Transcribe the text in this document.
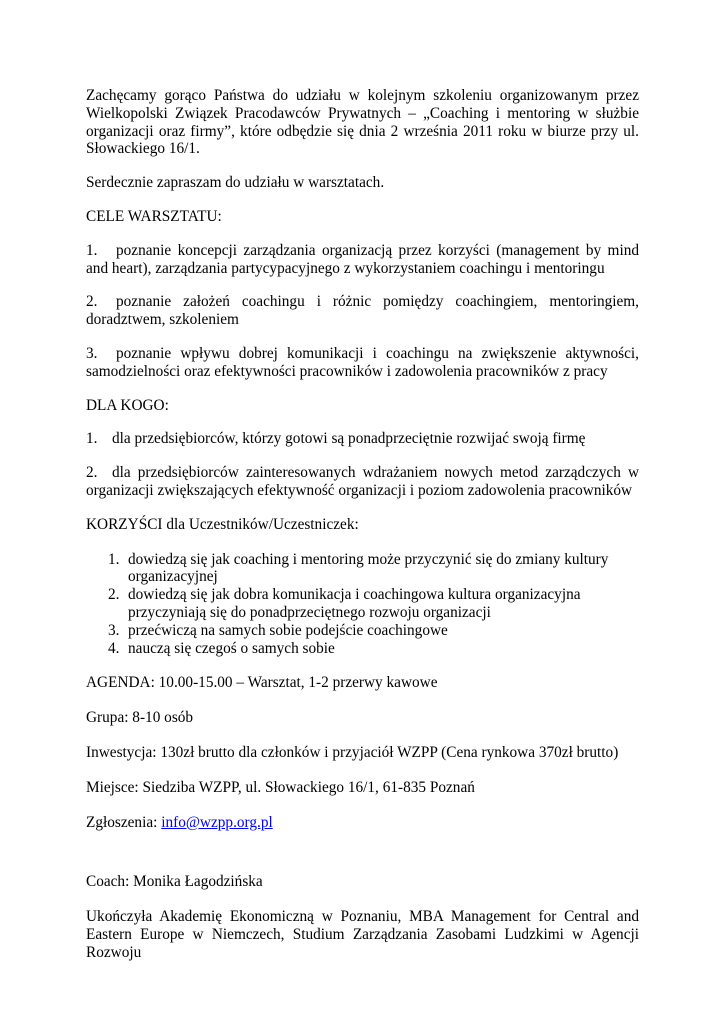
Zachęcamy gorąco Państwa do udziału w kolejnym szkoleniu organizowanym przez Wielkopolski Związek Pracodawców Prywatnych – „Coaching i mentoring w służbie organizacji oraz firmy”, które odbędzie się dnia 2 września 2011 roku w biurze przy ul. Słowackiego 16/1.

Serdecznie zapraszam do udziału w warsztatach.

CELE WARSZTATU:

1. poznanie koncepcji zarządzania organizacją przez korzyści (management by mind and heart), zarządzania partycypacyjnego z wykorzystaniem coachingu i mentoringu

2. poznanie założeń coachingu i różnic pomiędzy coachingiem, mentoringiem, doradztwem, szkoleniem

3. poznanie wpływu dobrej komunikacji i coachingu na zwiększenie aktywności, samodzielności oraz efektywności pracowników i zadowolenia pracowników z pracy

DLA KOGO:

1. dla przedsiębiorców, którzy gotowi są ponadprzeciętnie rozwijać swoją firmę

2. dla przedsiębiorców zainteresowanych wdrażaniem nowych metod zarządczych w organizacji zwiększających efektywność organizacji i poziom zadowolenia pracowników

KORZYŚCI dla Uczestników/Uczestniczek:

1. dowiedzą się jak coaching i mentoring może przyczynić się do zmiany kultury organizacyjnej
2. dowiedzą się jak dobra komunikacja i coachingowa kultura organizacyjna przyczyniają się do ponadprzeciętnego rozwoju organizacji
3. przećwiczą na samych sobie podejście coachingowe
4. nauczą się czegoś o samych sobie

AGENDA: 10.00-15.00 – Warsztat, 1-2 przerwy kawowe

Grupa: 8-10 osób

Inwestycja: 130zł brutto dla członków i przyjaciół WZPP (Cena rynkowa 370zł brutto)

Miejsce: Siedziba WZPP, ul. Słowackiego 16/1, 61-835 Poznań

Zgłoszenia: info@wzpp.org.pl

Coach: Monika Łagodzińska

Ukończyła Akademię Ekonomiczną w Poznaniu, MBA Management for Central and Eastern Europe w Niemczech, Studium Zarządzania Zasobami Ludzkimi w Agencji Rozwoju
